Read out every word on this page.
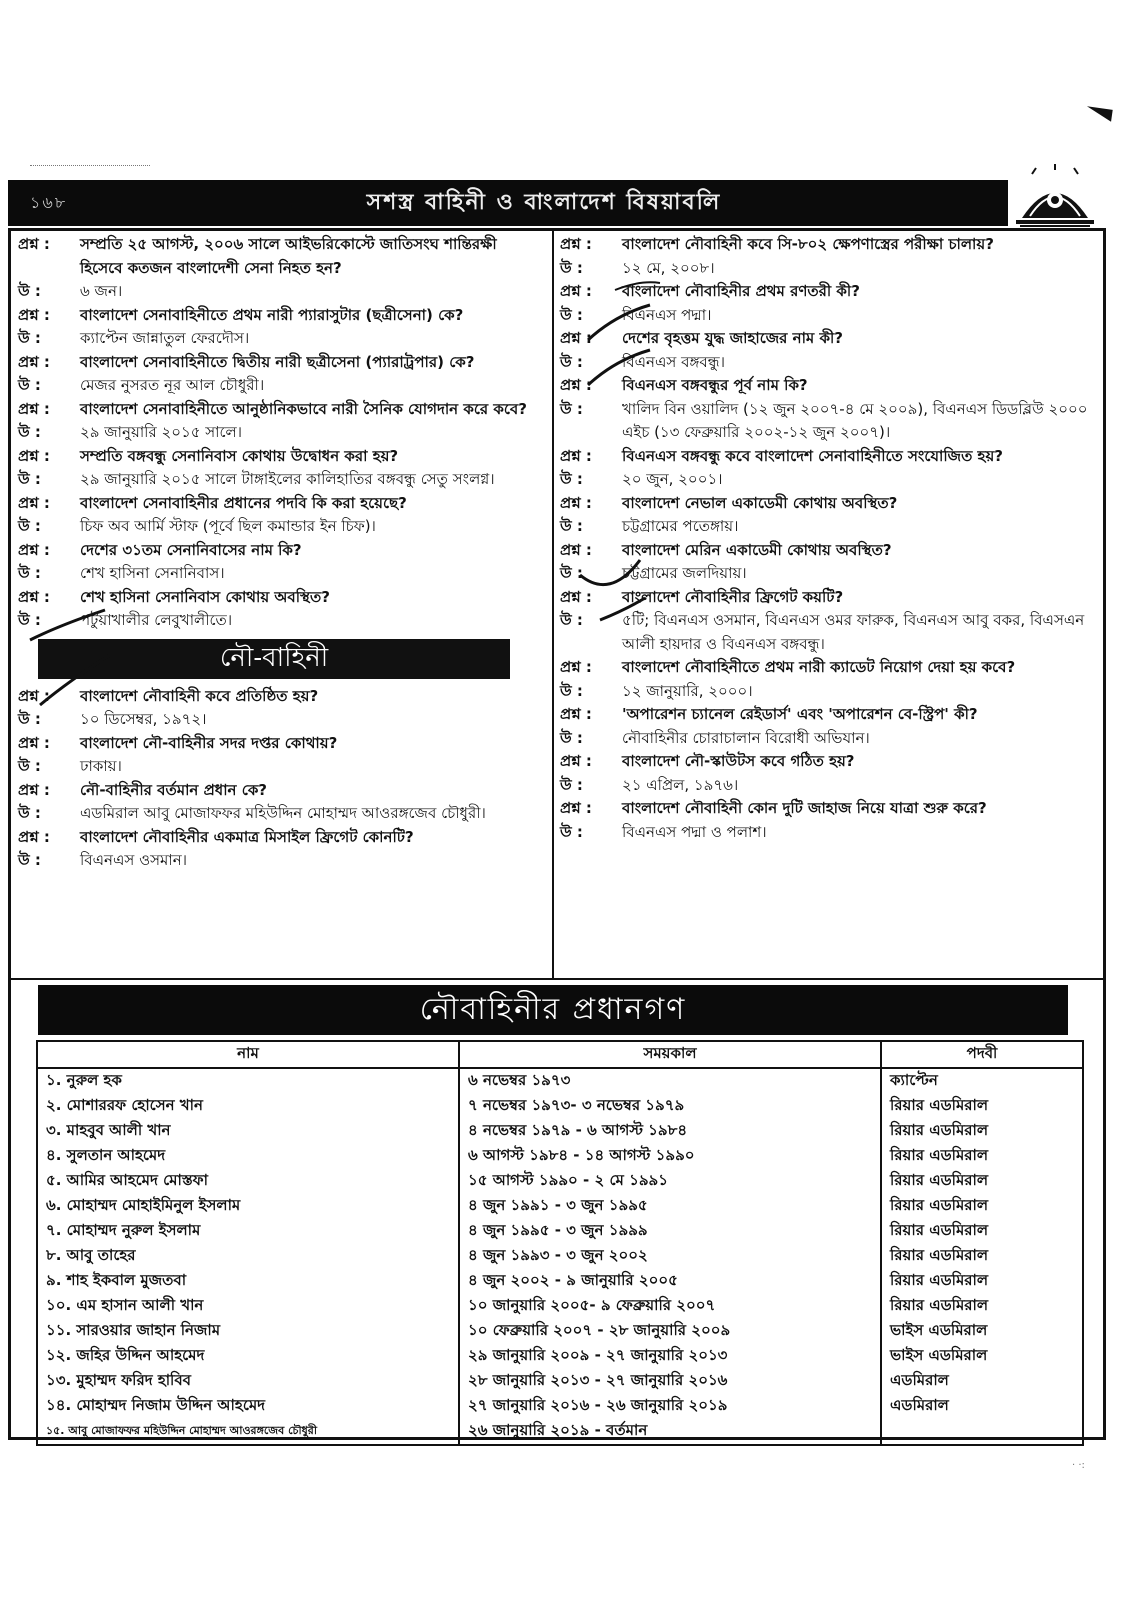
১৬৮	সশস্ত্র বাহিনী ও বাংলাদেশ বিষয়াবলি
প্রশ্ন :	সম্প্রতি ২৫ আগস্ট, ২০০৬ সালে আইভরিকোস্টে জাতিসংঘ শান্তিরক্ষী হিসেবে কতজন বাংলাদেশী সেনা নিহত হন?
উ :	৬ জন।
প্রশ্ন :	বাংলাদেশ সেনাবাহিনীতে প্রথম নারী প্যারাসুটার (ছত্রীসেনা) কে?
উ :	ক্যাপ্টেন জান্নাতুল ফেরদৌস।
প্রশ্ন :	বাংলাদেশ সেনাবাহিনীতে দ্বিতীয় নারী ছত্রীসেনা (প্যারাট্রপার) কে?
উ :	মেজর নুসরত নূর আল চৌধুরী।
প্রশ্ন :	বাংলাদেশ সেনাবাহিনীতে আনুষ্ঠানিকভাবে নারী সৈনিক যোগদান করে কবে?
উ :	২৯ জানুয়ারি ২০১৫ সালে।
প্রশ্ন :	সম্প্রতি বঙ্গবন্ধু সেনানিবাস কোথায় উদ্বোধন করা হয়?
উ :	২৯ জানুয়ারি ২০১৫ সালে টাঙ্গাইলের কালিহাতির বঙ্গবন্ধু সেতু সংলগ্ন।
প্রশ্ন :	বাংলাদেশ সেনাবাহিনীর প্রধানের পদবি কি করা হয়েছে?
উ :	চিফ অব আর্মি স্টাফ (পূর্বে ছিল কমান্ডার ইন চিফ)।
প্রশ্ন :	দেশের ৩১তম সেনানিবাসের নাম কি?
উ :	শেখ হাসিনা সেনানিবাস।
প্রশ্ন :	শেখ হাসিনা সেনানিবাস কোথায় অবস্থিত?
উ :	পটুয়াখালীর লেবুখালীতে।
নৌ-বাহিনী
প্রশ্ন :	বাংলাদেশ নৌবাহিনী কবে প্রতিষ্ঠিত হয়?
উ :	১০ ডিসেম্বর, ১৯৭২।
প্রশ্ন :	বাংলাদেশ নৌ-বাহিনীর সদর দপ্তর কোথায়?
উ :	ঢাকায়।
প্রশ্ন :	নৌ-বাহিনীর বর্তমান প্রধান কে?
উ :	এডমিরাল আবু মোজাফফর মহিউদ্দিন মোহাম্মদ আওরঙ্গজেব চৌধুরী।
প্রশ্ন :	বাংলাদেশ নৌবাহিনীর একমাত্র মিসাইল ফ্রিগেট কোনটি?
উ :	বিএনএস ওসমান।
প্রশ্ন :	বাংলাদেশ নৌবাহিনী কবে সি-৮০২ ক্ষেপণাস্ত্রের পরীক্ষা চালায়?
উ :	১২ মে, ২০০৮।
প্রশ্ন :	বাংলাদেশ নৌবাহিনীর প্রথম রণতরী কী?
উ :	বিএনএস পদ্মা।
প্রশ্ন :	দেশের বৃহত্তম যুদ্ধ জাহাজের নাম কী?
উ :	বিএনএস বঙ্গবন্ধু।
প্রশ্ন :	বিএনএস বঙ্গবন্ধুর পূর্ব নাম কি?
উ :	খালিদ বিন ওয়ালিদ (১২ জুন ২০০৭-৪ মে ২০০৯), বিএনএস ডিডব্লিউ ২০০০ এইচ (১৩ ফেব্রুয়ারি ২০০২-১২ জুন ২০০৭)।
প্রশ্ন :	বিএনএস বঙ্গবন্ধু কবে বাংলাদেশ সেনাবাহিনীতে সংযোজিত হয়?
উ :	২০ জুন, ২০০১।
প্রশ্ন :	বাংলাদেশ নেভাল একাডেমী কোথায় অবস্থিত?
উ :	চট্টগ্রামের পতেঙ্গায়।
প্রশ্ন :	বাংলাদেশ মেরিন একাডেমী কোথায় অবস্থিত?
উ :	চট্টগ্রামের জলদিয়ায়।
প্রশ্ন :	বাংলাদেশ নৌবাহিনীর ফ্রিগেট কয়টি?
উ :	৫টি; বিএনএস ওসমান, বিএনএস ওমর ফারুক, বিএনএস আবু বকর, বিএসএন আলী হায়দার ও বিএনএস বঙ্গবন্ধু।
প্রশ্ন :	বাংলাদেশ নৌবাহিনীতে প্রথম নারী ক্যাডেট নিয়োগ দেয়া হয় কবে?
উ :	১২ জানুয়ারি, ২০০০।
প্রশ্ন :	'অপারেশন চ্যানেল রেইডার্স' এবং 'অপারেশন বে-স্ট্রিপ' কী?
উ :	নৌবাহিনীর চোরাচালান বিরোধী অভিযান।
প্রশ্ন :	বাংলাদেশ নৌ-স্কাউটস কবে গঠিত হয়?
উ :	২১ এপ্রিল, ১৯৭৬।
প্রশ্ন :	বাংলাদেশ নৌবাহিনী কোন দুটি জাহাজ নিয়ে যাত্রা শুরু করে?
উ :	বিএনএস পদ্মা ও পলাশ।
নৌবাহিনীর প্রধানগণ
নাম	সময়কাল	পদবী
১. নুরুল হক	৬ নভেম্বর ১৯৭৩	ক্যাপ্টেন
২. মোশাররফ হোসেন খান	৭ নভেম্বর ১৯৭৩- ৩ নভেম্বর ১৯৭৯	রিয়ার এডমিরাল
৩. মাহবুব আলী খান	৪ নভেম্বর ১৯৭৯ - ৬ আগস্ট ১৯৮৪	রিয়ার এডমিরাল
৪. সুলতান আহমেদ	৬ আগস্ট ১৯৮৪ - ১৪ আগস্ট ১৯৯০	রিয়ার এডমিরাল
৫. আমির আহমেদ মোস্তফা	১৫ আগস্ট ১৯৯০ - ২ মে ১৯৯১	রিয়ার এডমিরাল
৬. মোহাম্মদ মোহাইমিনুল ইসলাম	৪ জুন ১৯৯১ - ৩ জুন ১৯৯৫	রিয়ার এডমিরাল
৭. মোহাম্মদ নুরুল ইসলাম	৪ জুন ১৯৯৫ - ৩ জুন ১৯৯৯	রিয়ার এডমিরাল
৮. আবু তাহের	৪ জুন ১৯৯৩ - ৩ জুন ২০০২	রিয়ার এডমিরাল
৯. শাহ ইকবাল মুজতবা	৪ জুন ২০০২ - ৯ জানুয়ারি ২০০৫	রিয়ার এডমিরাল
১০. এম হাসান আলী খান	১০ জানুয়ারি ২০০৫- ৯ ফেব্রুয়ারি ২০০৭	রিয়ার এডমিরাল
১১. সারওয়ার জাহান নিজাম	১০ ফেব্রুয়ারি ২০০৭ - ২৮ জানুয়ারি ২০০৯	ভাইস এডমিরাল
১২. জহির উদ্দিন আহমেদ	২৯ জানুয়ারি ২০০৯ - ২৭ জানুয়ারি ২০১৩	ভাইস এডমিরাল
১৩. মুহাম্মদ ফরিদ হাবিব	২৮ জানুয়ারি ২০১৩ - ২৭ জানুয়ারি ২০১৬	এডমিরাল
১৪. মোহাম্মদ নিজাম উদ্দিন আহমেদ	২৭ জানুয়ারি ২০১৬ - ২৬ জানুয়ারি ২০১৯	এডমিরাল
১৫. আবু মোজাফফর মহিউদ্দিন মোহাম্মদ আওরঙ্গজেব চৌধুরী	২৬ জানুয়ারি ২০১৯ - বর্তমান	
· ·:
